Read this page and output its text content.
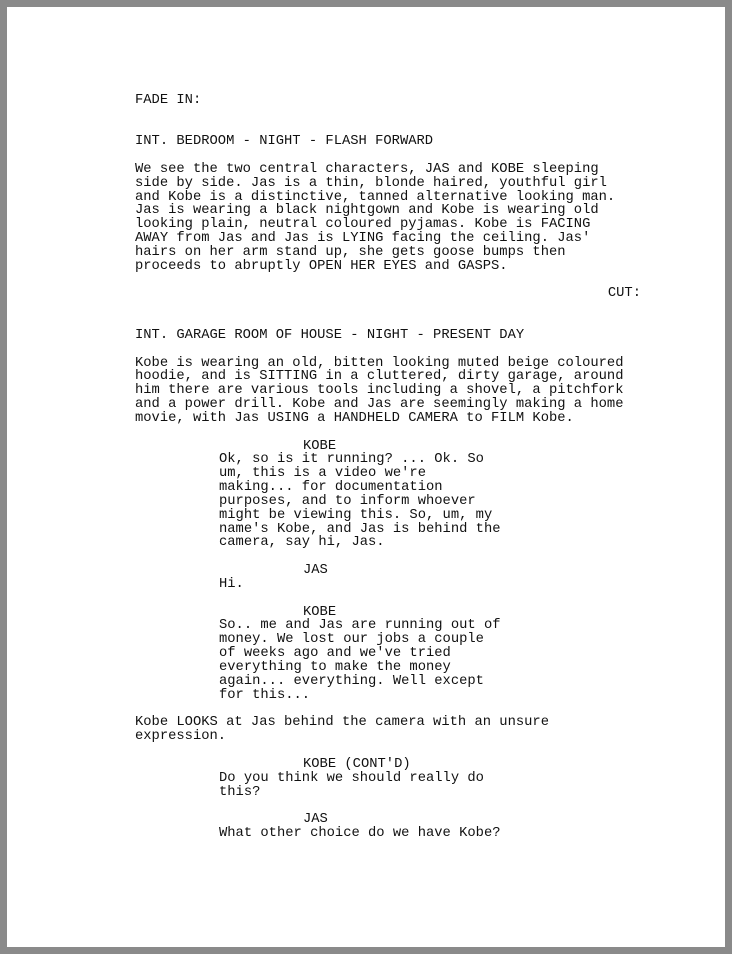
FADE IN:

INT. BEDROOM - NIGHT - FLASH FORWARD

We see the two central characters, JAS and KOBE sleeping

side by side. Jas is a thin, blonde haired, youthful girl

and Kobe is a distinctive, tanned alternative looking man.

Jas is wearing a black nightgown and Kobe is wearing old

looking plain, neutral coloured pyjamas. Kobe is FACING

AWAY from Jas and Jas is LYING facing the ceiling. Jas'

hairs on her arm stand up, she gets goose bumps then

proceeds to abruptly OPEN HER EYES and GASPS.

CUT:

INT. GARAGE ROOM OF HOUSE - NIGHT - PRESENT DAY

Kobe is wearing an old, bitten looking muted beige coloured

hoodie, and is SITTING in a cluttered, dirty garage, around

him there are various tools including a shovel, a pitchfork

and a power drill. Kobe and Jas are seemingly making a home

movie, with Jas USING a HANDHELD CAMERA to FILM Kobe.

KOBE

Ok, so is it running? ... Ok. So

um, this is a video we're

making... for documentation

purposes, and to inform whoever

might be viewing this. So, um, my

name's Kobe, and Jas is behind the

camera, say hi, Jas.

JAS

Hi.

KOBE

So.. me and Jas are running out of

money. We lost our jobs a couple

of weeks ago and we've tried

everything to make the money

again... everything. Well except

for this...

Kobe LOOKS at Jas behind the camera with an unsure

expression.

KOBE (CONT'D)

Do you think we should really do

this?

JAS

What other choice do we have Kobe?
